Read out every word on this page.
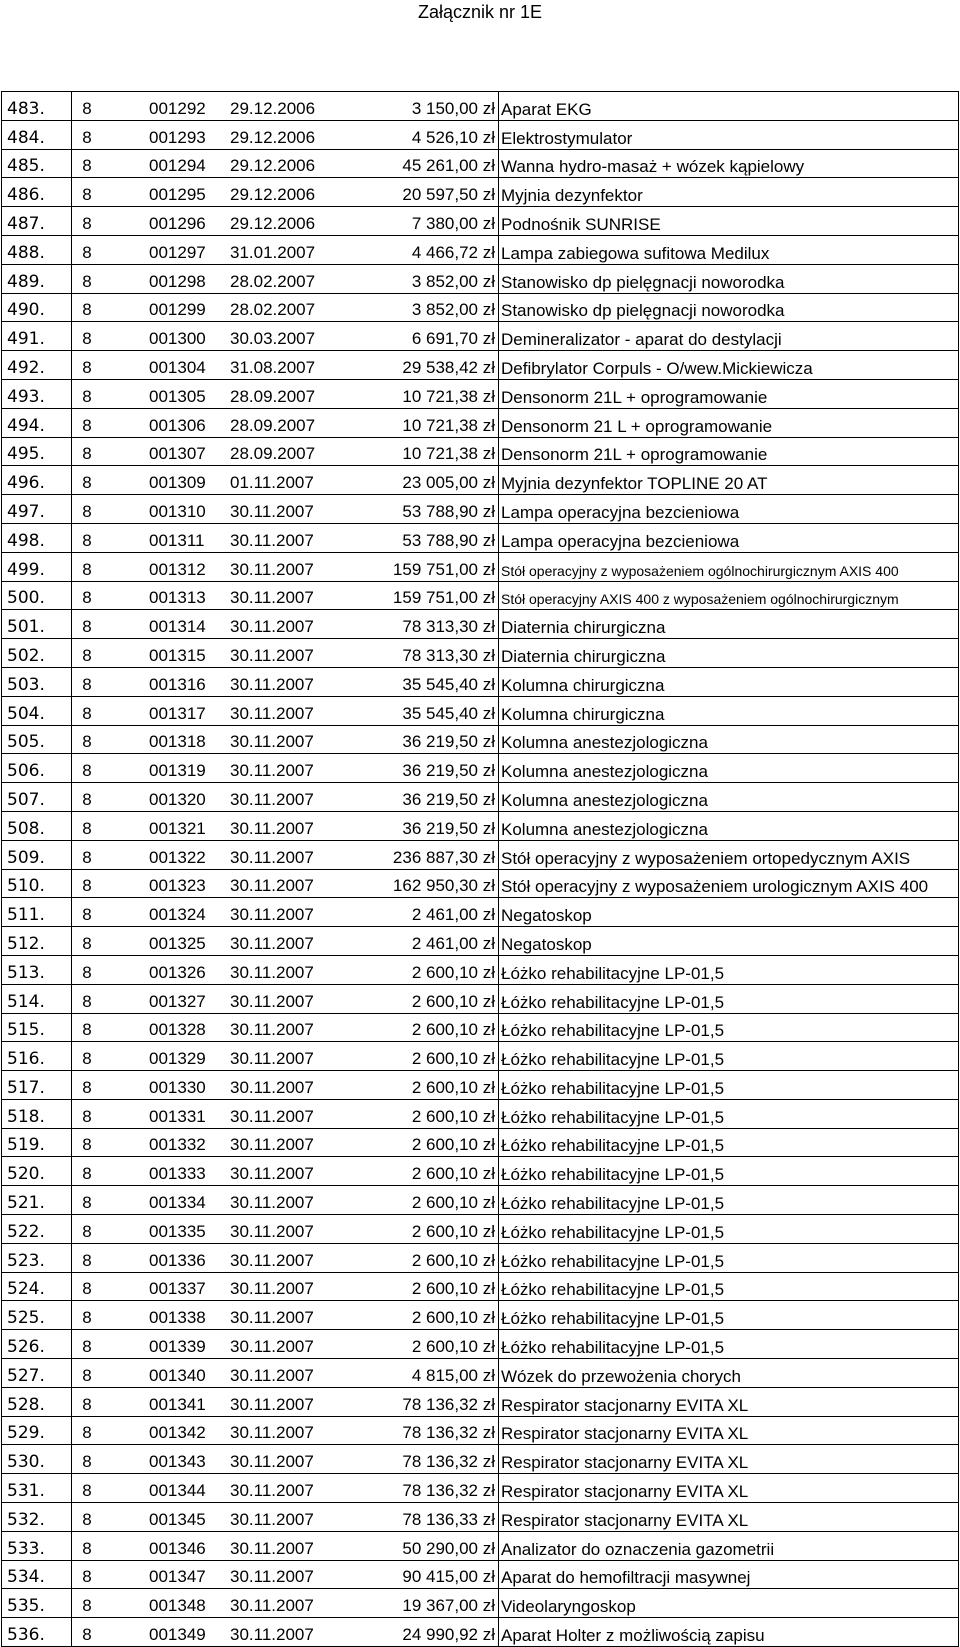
Załącznik nr 1E
483.	8 001292 29.12.2006 3 150,00 zł	Aparat EKG
484.	8 001293 29.12.2006 4 526,10 zł	Elektrostymulator
485.	8 001294 29.12.2006 45 261,00 zł	Wanna hydro-masaż + wózek kąpielowy
486.	8 001295 29.12.2006 20 597,50 zł	Myjnia dezynfektor
487.	8 001296 29.12.2006 7 380,00 zł	Podnośnik SUNRISE
488.	8 001297 31.01.2007 4 466,72 zł	Lampa zabiegowa sufitowa Medilux
489.	8 001298 28.02.2007 3 852,00 zł	Stanowisko dp pielęgnacji noworodka
490.	8 001299 28.02.2007 3 852,00 zł	Stanowisko dp pielęgnacji noworodka
491.	8 001300 30.03.2007 6 691,70 zł	Demineralizator - aparat do destylacji
492.	8 001304 31.08.2007 29 538,42 zł	Defibrylator Corpuls - O/wew.Mickiewicza
493.	8 001305 28.09.2007 10 721,38 zł	Densonorm 21L + oprogramowanie
494.	8 001306 28.09.2007 10 721,38 zł	Densonorm 21 L + oprogramowanie
495.	8 001307 28.09.2007 10 721,38 zł	Densonorm 21L + oprogramowanie
496.	8 001309 01.11.2007 23 005,00 zł	Myjnia dezynfektor TOPLINE 20 AT
497.	8 001310 30.11.2007 53 788,90 zł	Lampa operacyjna bezcieniowa
498.	8 001311 30.11.2007 53 788,90 zł	Lampa operacyjna bezcieniowa
499.	8 001312 30.11.2007 159 751,00 zł	Stół operacyjny z wyposażeniem ogólnochirurgicznym AXIS 400
500.	8 001313 30.11.2007 159 751,00 zł	Stół operacyjny AXIS 400 z wyposażeniem ogólnochirurgicznym
501.	8 001314 30.11.2007 78 313,30 zł	Diaternia chirurgiczna
502.	8 001315 30.11.2007 78 313,30 zł	Diaternia chirurgiczna
503.	8 001316 30.11.2007 35 545,40 zł	Kolumna chirurgiczna
504.	8 001317 30.11.2007 35 545,40 zł	Kolumna chirurgiczna
505.	8 001318 30.11.2007 36 219,50 zł	Kolumna anestezjologiczna
506.	8 001319 30.11.2007 36 219,50 zł	Kolumna anestezjologiczna
507.	8 001320 30.11.2007 36 219,50 zł	Kolumna anestezjologiczna
508.	8 001321 30.11.2007 36 219,50 zł	Kolumna anestezjologiczna
509.	8 001322 30.11.2007 236 887,30 zł	Stół operacyjny z wyposażeniem ortopedycznym AXIS
510.	8 001323 30.11.2007 162 950,30 zł	Stół operacyjny z wyposażeniem urologicznym AXIS 400
511.	8 001324 30.11.2007 2 461,00 zł	Negatoskop
512.	8 001325 30.11.2007 2 461,00 zł	Negatoskop
513.	8 001326 30.11.2007 2 600,10 zł	Łóżko rehabilitacyjne LP-01,5
514.	8 001327 30.11.2007 2 600,10 zł	Łóżko rehabilitacyjne LP-01,5
515.	8 001328 30.11.2007 2 600,10 zł	Łóżko rehabilitacyjne LP-01,5
516.	8 001329 30.11.2007 2 600,10 zł	Łóżko rehabilitacyjne LP-01,5
517.	8 001330 30.11.2007 2 600,10 zł	Łóżko rehabilitacyjne LP-01,5
518.	8 001331 30.11.2007 2 600,10 zł	Łóżko rehabilitacyjne LP-01,5
519.	8 001332 30.11.2007 2 600,10 zł	Łóżko rehabilitacyjne LP-01,5
520.	8 001333 30.11.2007 2 600,10 zł	Łóżko rehabilitacyjne LP-01,5
521.	8 001334 30.11.2007 2 600,10 zł	Łóżko rehabilitacyjne LP-01,5
522.	8 001335 30.11.2007 2 600,10 zł	Łóżko rehabilitacyjne LP-01,5
523.	8 001336 30.11.2007 2 600,10 zł	Łóżko rehabilitacyjne LP-01,5
524.	8 001337 30.11.2007 2 600,10 zł	Łóżko rehabilitacyjne LP-01,5
525.	8 001338 30.11.2007 2 600,10 zł	Łóżko rehabilitacyjne LP-01,5
526.	8 001339 30.11.2007 2 600,10 zł	Łóżko rehabilitacyjne LP-01,5
527.	8 001340 30.11.2007 4 815,00 zł	Wózek do przewożenia chorych
528.	8 001341 30.11.2007 78 136,32 zł	Respirator stacjonarny EVITA XL
529.	8 001342 30.11.2007 78 136,32 zł	Respirator stacjonarny EVITA XL
530.	8 001343 30.11.2007 78 136,32 zł	Respirator stacjonarny EVITA XL
531.	8 001344 30.11.2007 78 136,32 zł	Respirator stacjonarny EVITA XL
532.	8 001345 30.11.2007 78 136,33 zł	Respirator stacjonarny EVITA XL
533.	8 001346 30.11.2007 50 290,00 zł	Analizator do oznaczenia gazometrii
534.	8 001347 30.11.2007 90 415,00 zł	Aparat do hemofiltracji masywnej
535.	8 001348 30.11.2007 19 367,00 zł	Videolaryngoskop
536.	8 001349 30.11.2007 24 990,92 zł	Aparat Holter z możliwością zapisu
